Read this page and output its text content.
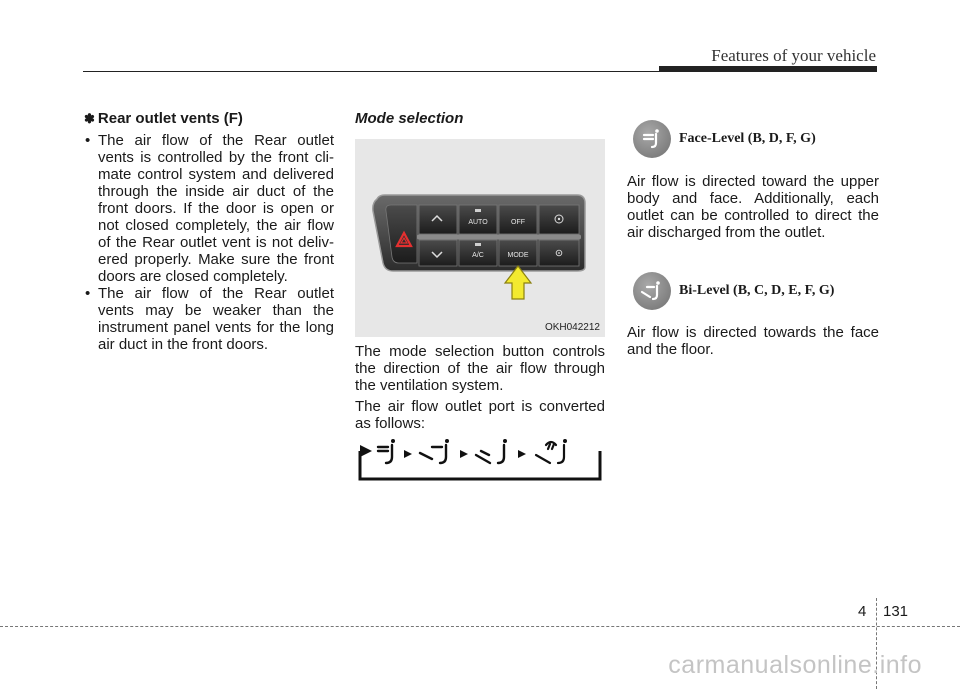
Features of your vehicle
✽ Rear outlet vents (F)
• The air flow of the Rear outlet vents is controlled by the front cli- mate control system and delivered through the inside air duct of the front doors. If the door is open or not closed completely, the air flow of the Rear outlet vent is not deliv- ered properly. Make sure the front doors are closed completely.
• The air flow of the Rear outlet vents may be weaker than the instrument panel vents for the long air duct in the front doors.
Mode selection
AUTO	OFF
A/C	MODE
OKH042212
The mode selection button controls the direction of the air flow through the ventilation system.
The air flow outlet port is converted as follows:
Face-Level (B, D, F, G)
Air flow is directed toward the upper body and face. Additionally, each outlet can be controlled to direct the air discharged from the outlet.
Bi-Level (B, C, D, E, F, G)
Air flow is directed towards the face and the floor.
4 131
carmanualsonline.info
